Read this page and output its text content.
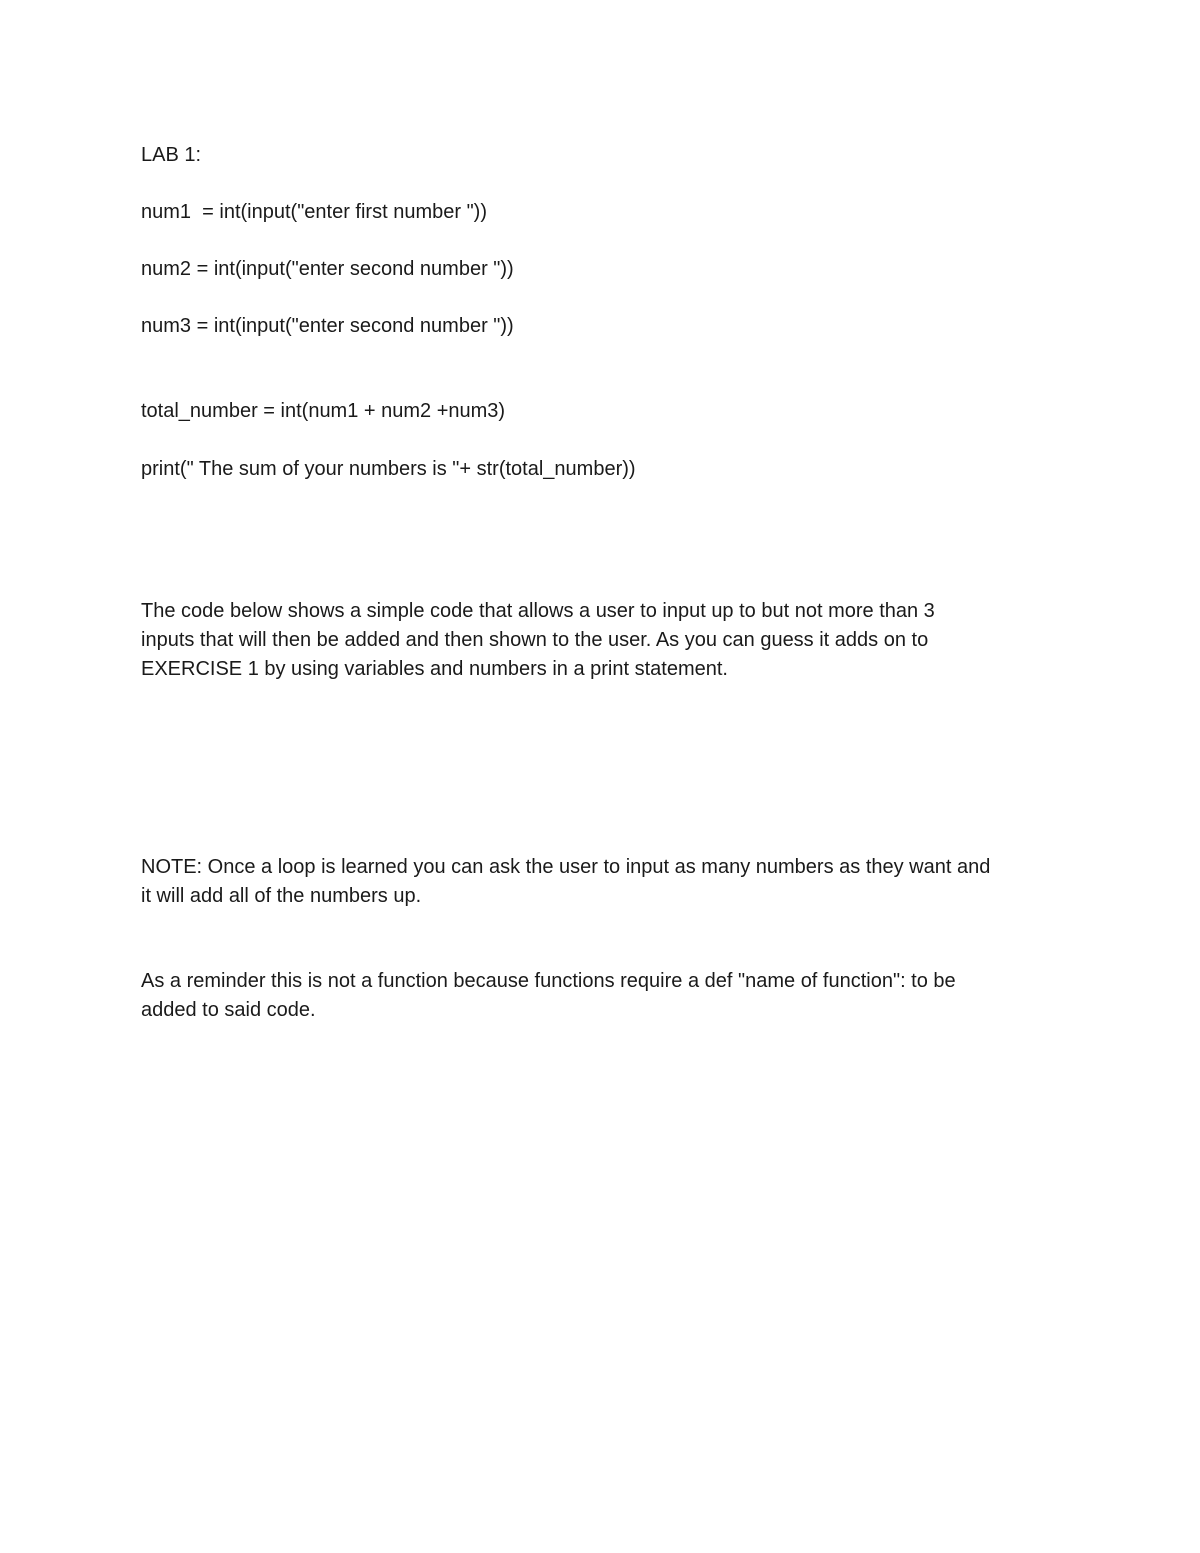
LAB 1:

num1  = int(input("enter first number "))

num2 = int(input("enter second number "))

num3 = int(input("enter second number "))

total_number = int(num1 + num2 +num3)

print(" The sum of your numbers is "+ str(total_number))

The code below shows a simple code that allows a user to input up to but not more than 3
inputs that will then be added and then shown to the user. As you can guess it adds on to
EXERCISE 1 by using variables and numbers in a print statement.
NOTE: Once a loop is learned you can ask the user to input as many numbers as they want and
it will add all of the numbers up.
As a reminder this is not a function because functions require a def "name of function": to be
added to said code.
